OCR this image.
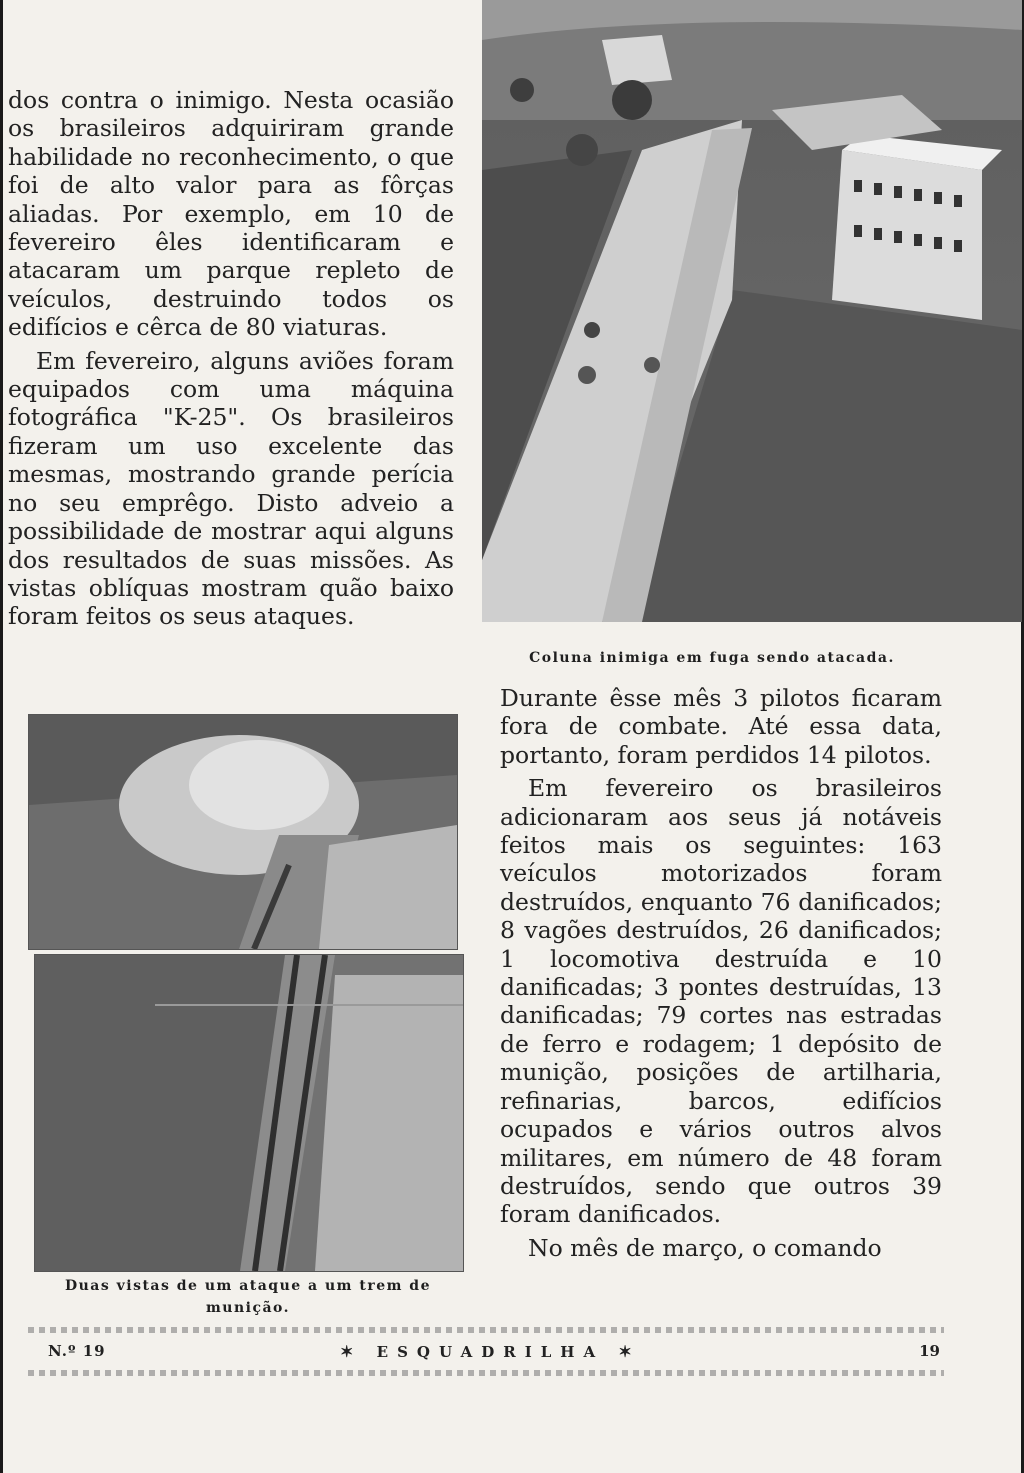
dos contra o inimigo. Nesta ocasião os brasileiros adquiriram grande habilidade no reconhecimento, o que foi de alto valor para as fôrças aliadas. Por exemplo, em 10 de fevereiro êles identificaram e atacaram um parque repleto de veículos, destruindo todos os edifícios e cêrca de 80 viaturas.

Em fevereiro, alguns aviões foram equipados com uma máquina fotográfica "K-25". Os brasileiros fizeram um uso excelente das mesmas, mostrando grande perícia no seu emprêgo. Disto adveio a possibilidade de mostrar aqui alguns dos resultados de suas missões. As vistas oblíquas mostram quão baixo foram feitos os seus ataques.

Coluna inimiga em fuga sendo atacada.
Duas vistas de um ataque a um trem de munição.

Durante êsse mês 3 pilotos ficaram fora de combate. Até essa data, portanto, foram perdidos 14 pilotos.

Em fevereiro os brasileiros adicionaram aos seus já notáveis feitos mais os seguintes: 163 veículos motorizados foram destruídos, enquanto 76 danificados; 8 vagões destruídos, 26 danificados; 1 locomotiva destruída e 10 danificadas; 3 pontes destruídas, 13 danificadas; 79 cortes nas estradas de ferro e rodagem; 1 depósito de munição, posições de artilharia, refinarias, barcos, edifícios ocupados e vários outros alvos militares, em número de 48 foram destruídos, sendo que outros 39 foram danificados.

No mês de março, o comando

N.º 19	✶ ESQUADRILHA ✶	19
